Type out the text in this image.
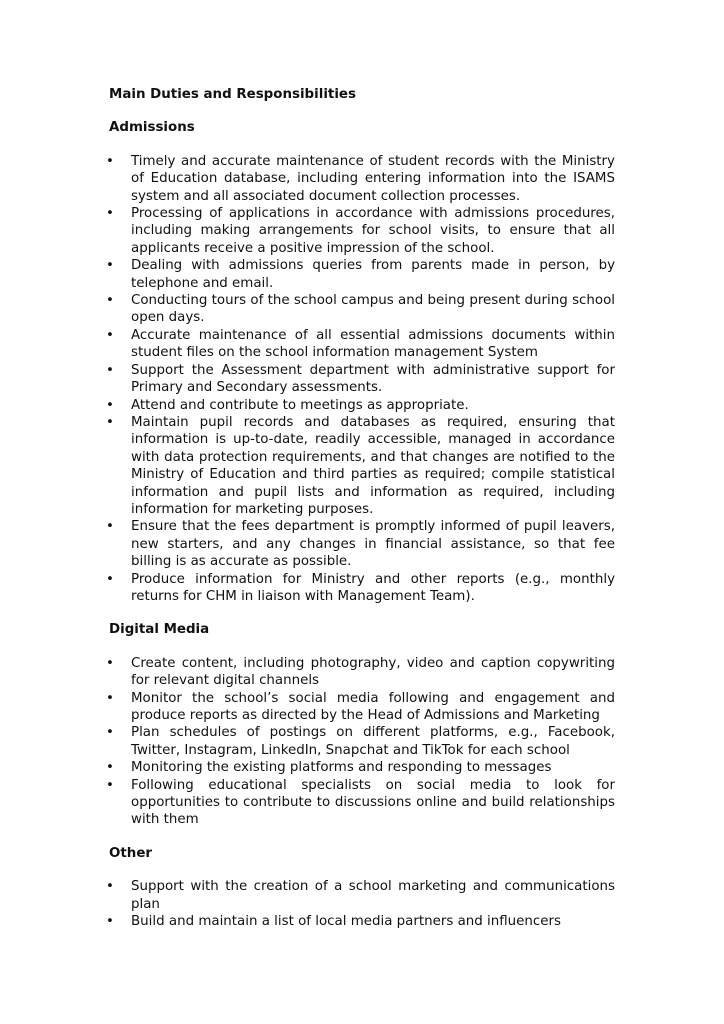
Main Duties and Responsibilities
Admissions
• Timely and accurate maintenance of student records with the Ministry of Education database, including entering information into the ISAMS system and all associated document collection processes.
• Processing of applications in accordance with admissions procedures, including making arrangements for school visits, to ensure that all applicants receive a positive impression of the school.
• Dealing with admissions queries from parents made in person, by telephone and email.
• Conducting tours of the school campus and being present during school open days.
• Accurate maintenance of all essential admissions documents within student files on the school information management System
• Support the Assessment department with administrative support for Primary and Secondary assessments.
• Attend and contribute to meetings as appropriate.
• Maintain pupil records and databases as required, ensuring that information is up-to-date, readily accessible, managed in accordance with data protection requirements, and that changes are notified to the Ministry of Education and third parties as required; compile statistical information and pupil lists and information as required, including information for marketing purposes.
• Ensure that the fees department is promptly informed of pupil leavers, new starters, and any changes in financial assistance, so that fee billing is as accurate as possible.
• Produce information for Ministry and other reports (e.g., monthly returns for CHM in liaison with Management Team).
Digital Media
• Create content, including photography, video and caption copywriting for relevant digital channels
• Monitor the school’s social media following and engagement and produce reports as directed by the Head of Admissions and Marketing
• Plan schedules of postings on different platforms, e.g., Facebook, Twitter, Instagram, LinkedIn, Snapchat and TikTok for each school
• Monitoring the existing platforms and responding to messages
• Following educational specialists on social media to look for opportunities to contribute to discussions online and build relationships with them
Other
• Support with the creation of a school marketing and communications plan
• Build and maintain a list of local media partners and influencers
